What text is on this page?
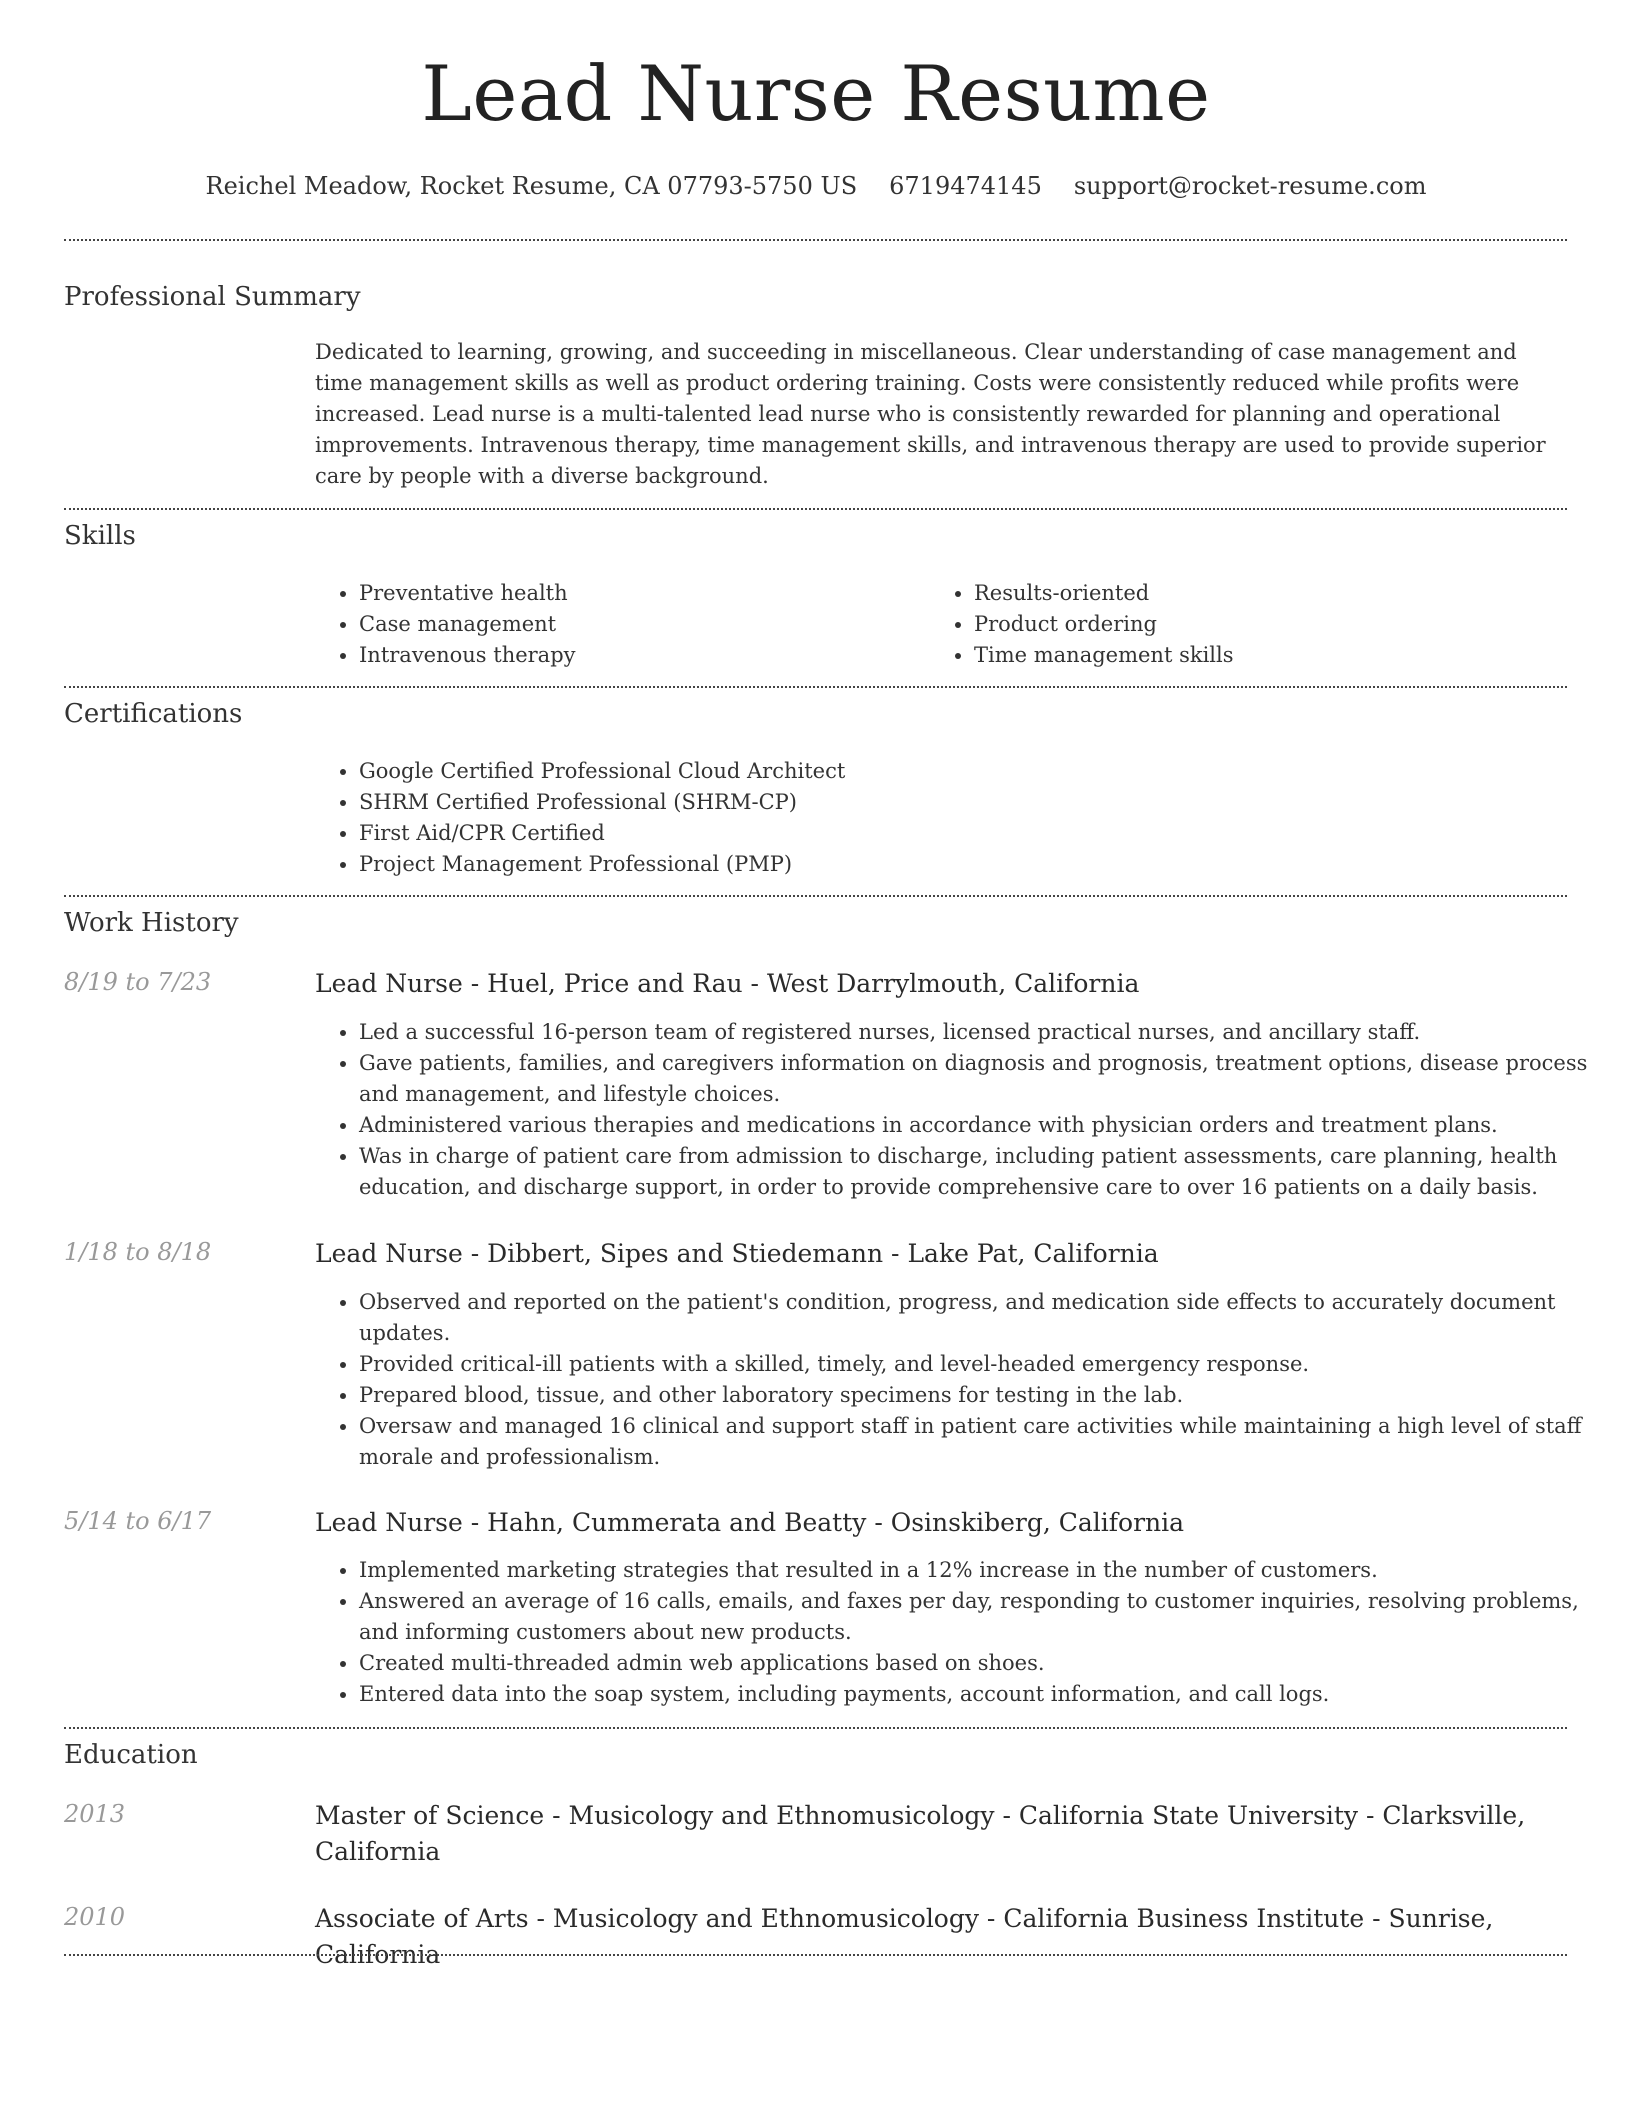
Lead Nurse Resume
Reichel Meadow, Rocket Resume, CA 07793-5750 US 6719474145 support@rocket-resume.com
Professional Summary

Dedicated to learning, growing, and succeeding in miscellaneous. Clear understanding of case management and time management skills as well as product ordering training. Costs were consistently reduced while profits were increased. Lead nurse is a multi-talented lead nurse who is consistently rewarded for planning and operational improvements. Intravenous therapy, time management skills, and intravenous therapy are used to provide superior care by people with a diverse background.

Skills
• Preventative health
• Case management
• Intravenous therapy
• Results-oriented
• Product ordering
• Time management skills
Certifications
• Google Certified Professional Cloud Architect
• SHRM Certified Professional (SHRM-CP)
• First Aid/CPR Certified
• Project Management Professional (PMP)
Work History
8/19 to 7/23	Lead Nurse - Huel, Price and Rau - West Darrylmouth, California
• Led a successful 16-person team of registered nurses, licensed practical nurses, and ancillary staff.
• Gave patients, families, and caregivers information on diagnosis and prognosis, treatment options, disease process and management, and lifestyle choices.
• Administered various therapies and medications in accordance with physician orders and treatment plans.
• Was in charge of patient care from admission to discharge, including patient assessments, care planning, health education, and discharge support, in order to provide comprehensive care to over 16 patients on a daily basis.
1/18 to 8/18	Lead Nurse - Dibbert, Sipes and Stiedemann - Lake Pat, California
• Observed and reported on the patient's condition, progress, and medication side effects to accurately document updates.
• Provided critical-ill patients with a skilled, timely, and level-headed emergency response.
• Prepared blood, tissue, and other laboratory specimens for testing in the lab.
• Oversaw and managed 16 clinical and support staff in patient care activities while maintaining a high level of staff morale and professionalism.
5/14 to 6/17	Lead Nurse - Hahn, Cummerata and Beatty - Osinskiberg, California
• Implemented marketing strategies that resulted in a 12% increase in the number of customers.
• Answered an average of 16 calls, emails, and faxes per day, responding to customer inquiries, resolving problems, and informing customers about new products.
• Created multi-threaded admin web applications based on shoes.
• Entered data into the soap system, including payments, account information, and call logs.
Education
2013	Master of Science - Musicology and Ethnomusicology - California State University - Clarksville, California
2010	Associate of Arts - Musicology and Ethnomusicology - California Business Institute - Sunrise, California
